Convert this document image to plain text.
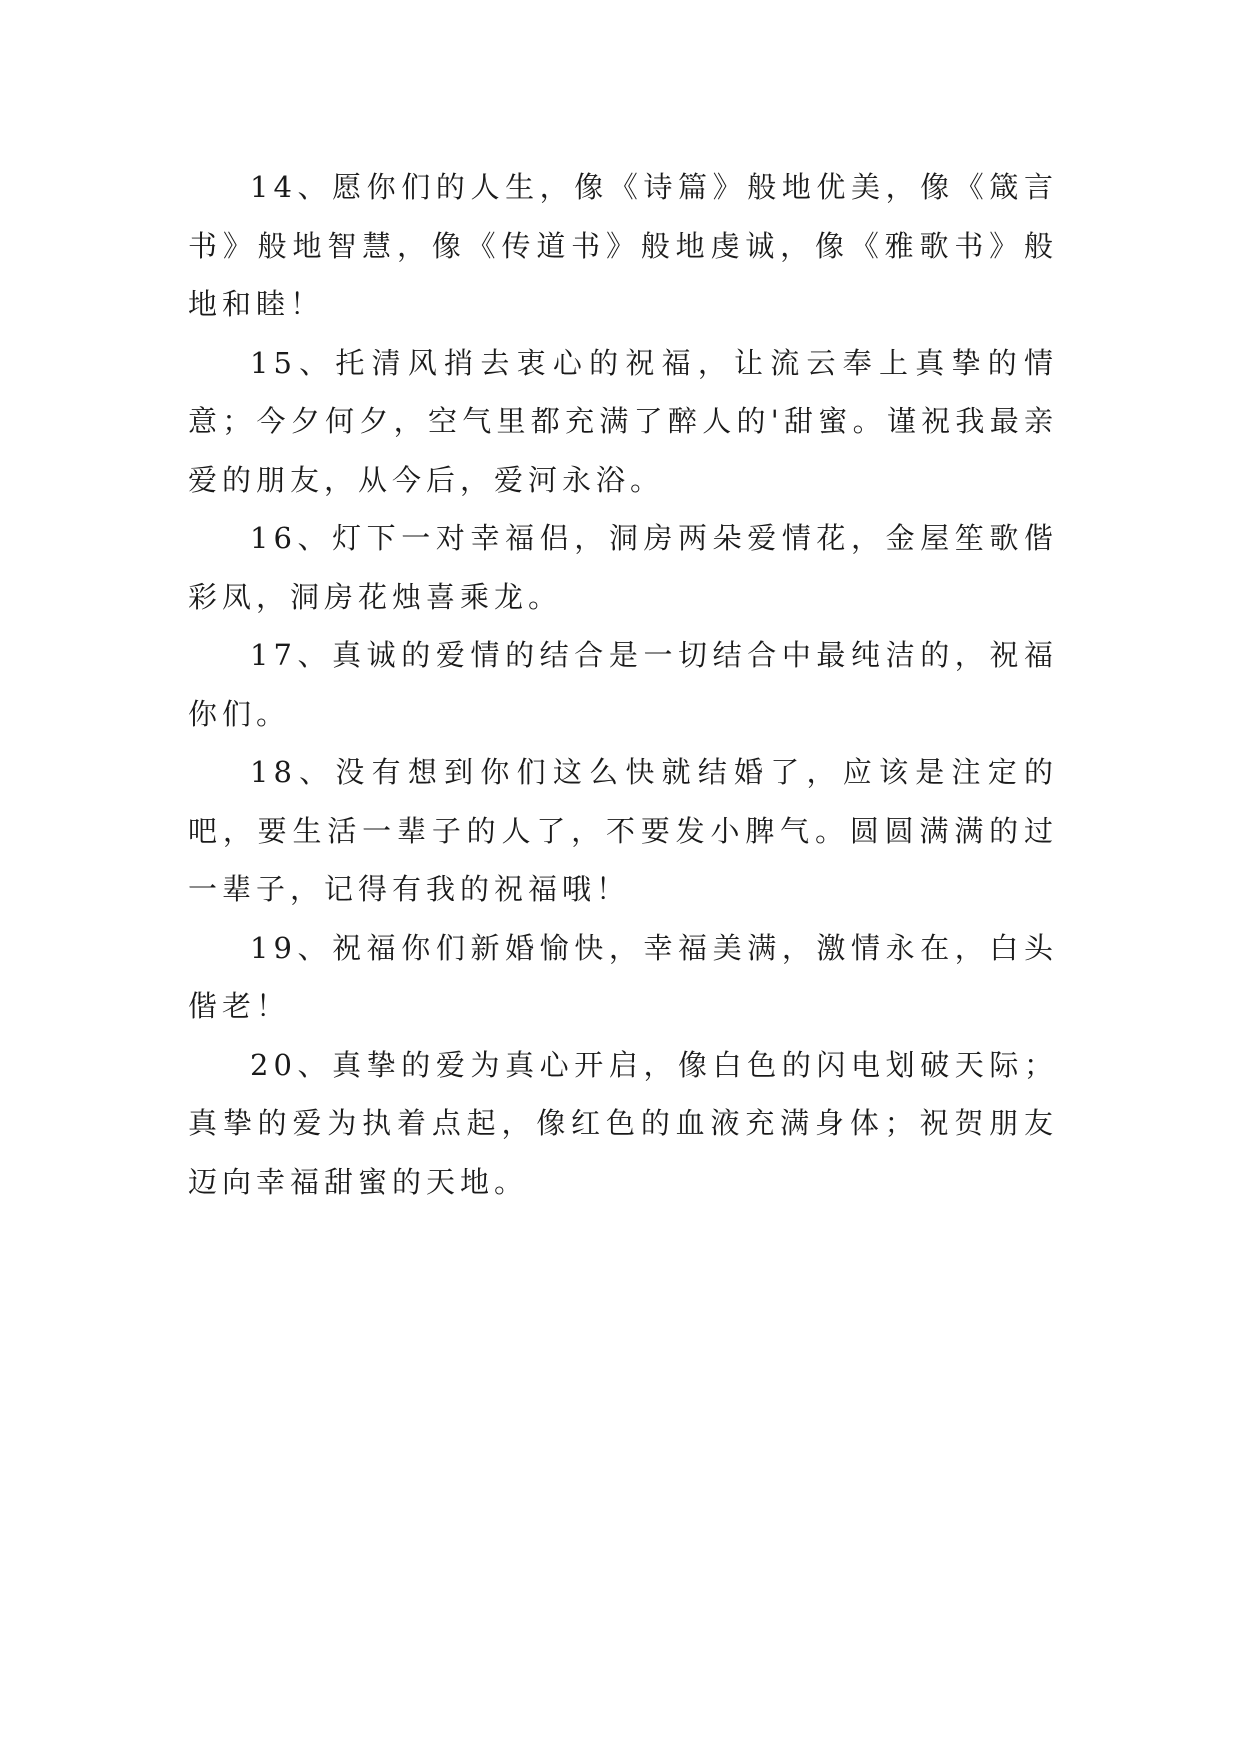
14、愿你们的人生，像《诗篇》般地优美，像《箴言书》般地智慧，像《传道书》般地虔诚，像《雅歌书》般地和睦！

15、托清风捎去衷心的祝福，让流云奉上真挚的情意；今夕何夕，空气里都充满了醉人的'甜蜜。谨祝我最亲爱的朋友，从今后，爱河永浴。

16、灯下一对幸福侣，洞房两朵爱情花，金屋笙歌偕彩凤，洞房花烛喜乘龙。

17、真诚的爱情的结合是一切结合中最纯洁的，祝福你们。

18、没有想到你们这么快就结婚了，应该是注定的吧，要生活一辈子的人了，不要发小脾气。圆圆满满的过一辈子，记得有我的祝福哦！

19、祝福你们新婚愉快，幸福美满，激情永在，白头偕老！

20、真挚的爱为真心开启，像白色的闪电划破天际；真挚的爱为执着点起，像红色的血液充满身体；祝贺朋友迈向幸福甜蜜的天地。
